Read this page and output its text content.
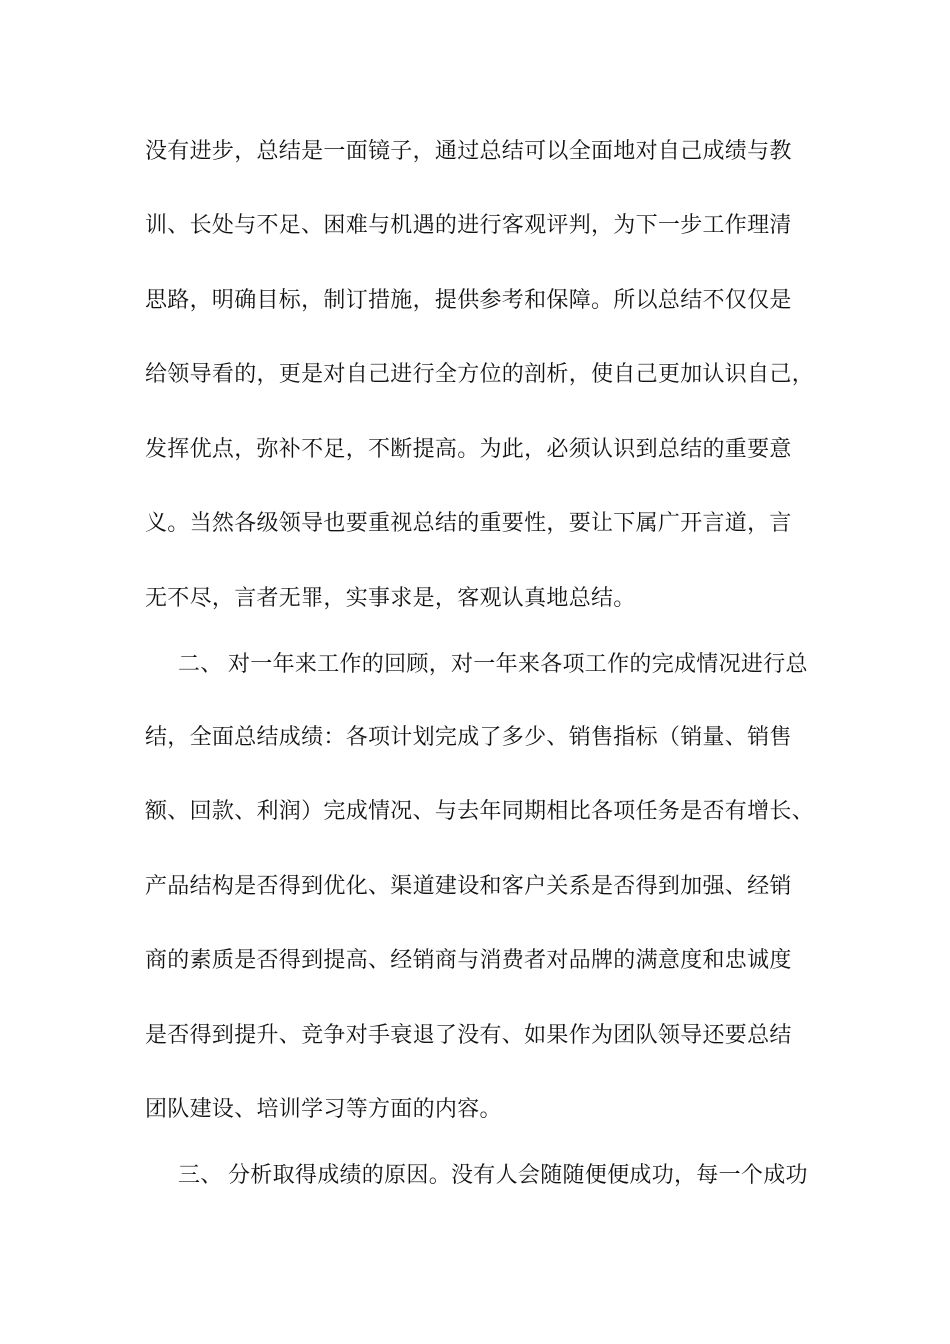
没有进步，总结是一面镜子，通过总结可以全面地对自己成绩与教
训、长处与不足、困难与机遇的进行客观评判，为下一步工作理清
思路，明确目标，制订措施，提供参考和保障。所以总结不仅仅是
给领导看的，更是对自己进行全方位的剖析，使自己更加认识自己，
发挥优点，弥补不足，不断提高。为此，必须认识到总结的重要意
义。当然各级领导也要重视总结的重要性，要让下属广开言道，言
无不尽，言者无罪，实事求是，客观认真地总结。
二、 对一年来工作的回顾，对一年来各项工作的完成情况进行总
结，全面总结成绩：各项计划完成了多少、销售指标（销量、销售
额、回款、利润）完成情况、与去年同期相比各项任务是否有增长、
产品结构是否得到优化、渠道建设和客户关系是否得到加强、经销
商的素质是否得到提高、经销商与消费者对品牌的满意度和忠诚度
是否得到提升、竞争对手衰退了没有、如果作为团队领导还要总结
团队建设、培训学习等方面的内容。
三、 分析取得成绩的原因。没有人会随随便便成功，每一个成功
